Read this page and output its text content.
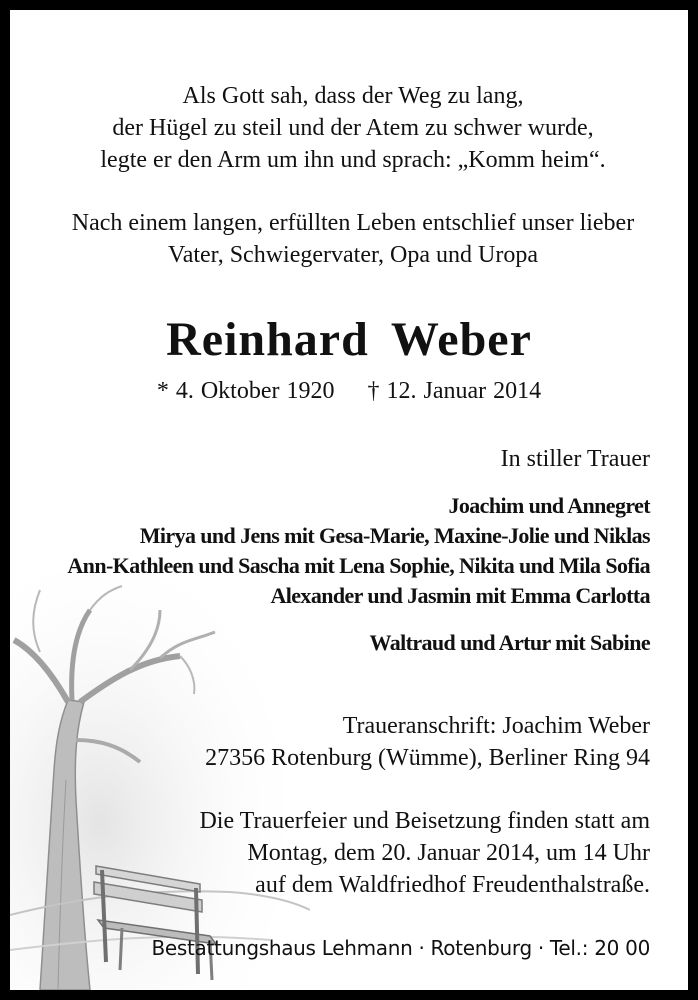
Als Gott sah, dass der Weg zu lang,
der Hügel zu steil und der Atem zu schwer wurde,
legte er den Arm um ihn und sprach: „Komm heim“.
Nach einem langen, erfüllten Leben entschlief unser lieber
Vater, Schwiegervater, Opa und Uropa
Reinhard Weber
* 4. Oktober 1920 † 12. Januar 2014
In stiller Trauer
Joachim und Annegret
Mirya und Jens mit Gesa-Marie, Maxine-Jolie und Niklas
Ann-Kathleen und Sascha mit Lena Sophie, Nikita und Mila Sofia
Alexander und Jasmin mit Emma Carlotta
Waltraud und Artur mit Sabine
Traueranschrift: Joachim Weber
27356 Rotenburg (Wümme), Berliner Ring 94
Die Trauerfeier und Beisetzung finden statt am
Montag, dem 20. Januar 2014, um 14 Uhr
auf dem Waldfriedhof Freudenthalstraße.
Bestattungshaus Lehmann · Rotenburg · Tel.: 20 00
